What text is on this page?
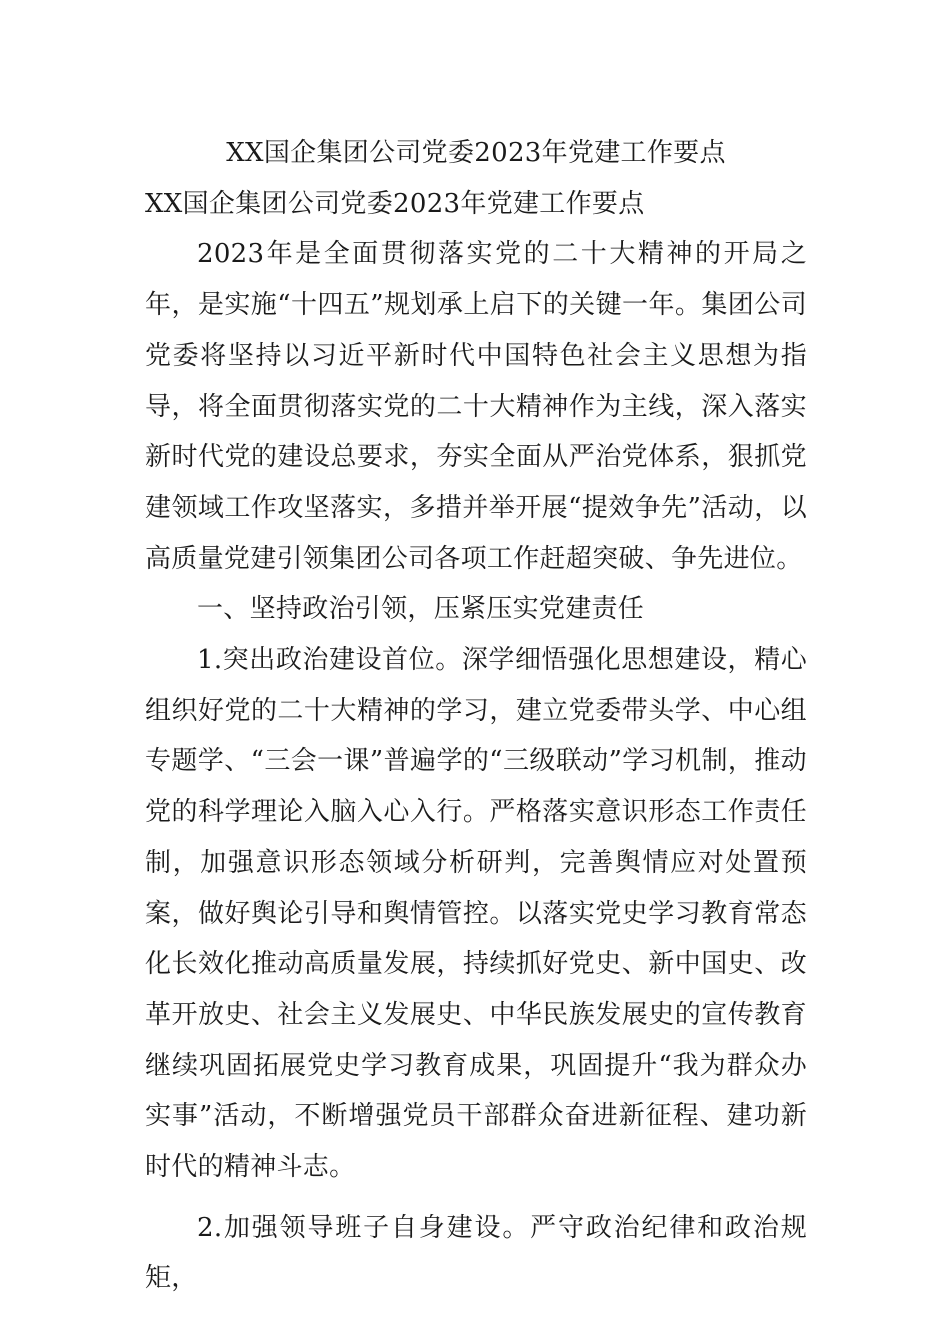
XX国企集团公司党委2023年党建工作要点
XX国企集团公司党委2023年党建工作要点

2023年是全面贯彻落实党的二十大精神的开局之年，是实施“十四五”规划承上启下的关键一年。集团公司党委将坚持以习近平新时代中国特色社会主义思想为指导，将全面贯彻落实党的二十大精神作为主线，深入落实新时代党的建设总要求，夯实全面从严治党体系，狠抓党建领域工作攻坚落实，多措并举开展“提效争先”活动，以高质量党建引领集团公司各项工作赶超突破、争先进位。

一、坚持政治引领，压紧压实党建责任

1.突出政治建设首位。深学细悟强化思想建设，精心组织好党的二十大精神的学习，建立党委带头学、中心组专题学、“三会一课”普遍学的“三级联动”学习机制，推动党的科学理论入脑入心入行。严格落实意识形态工作责任制，加强意识形态领域分析研判，完善舆情应对处置预案，做好舆论引导和舆情管控。以落实党史学习教育常态化长效化推动高质量发展，持续抓好党史、新中国史、改革开放史、社会主义发展史、中华民族发展史的宣传教育继续巩固拓展党史学习教育成果，巩固提升“我为群众办实事”活动，不断增强党员干部群众奋进新征程、建功新时代的精神斗志。

2.加强领导班子自身建设。严守政治纪律和政治规矩，
